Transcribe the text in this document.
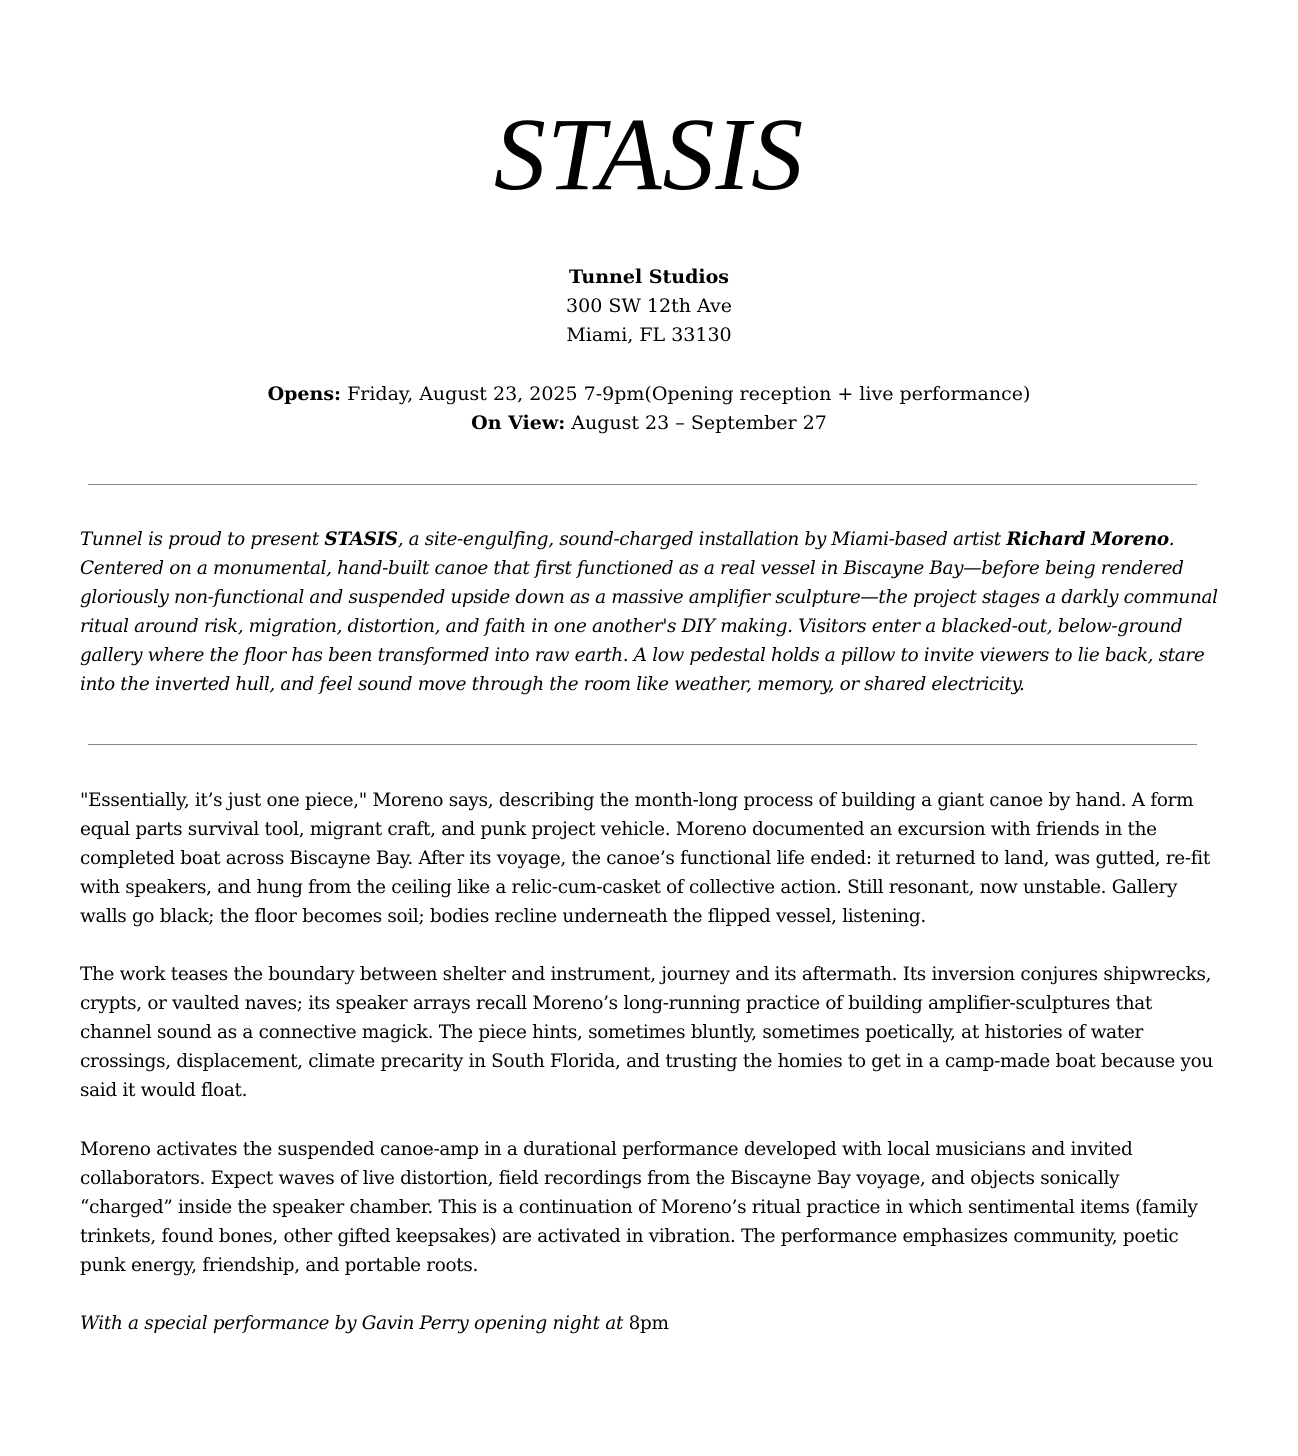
STASIS
Tunnel Studios
300 SW 12th Ave
Miami, FL 33130
Opens: Friday, August 23, 2025 7-9pm(Opening reception + live performance)
On View: August 23 – September 27

Tunnel is proud to present STASIS, a site-engulfing, sound-charged installation by Miami-based artist Richard Moreno. Centered on a monumental, hand-built canoe that first functioned as a real vessel in Biscayne Bay—before being rendered gloriously non-functional and suspended upside down as a massive amplifier sculpture—the project stages a darkly communal ritual around risk, migration, distortion, and faith in one another's DIY making. Visitors enter a blacked-out, below-ground gallery where the floor has been transformed into raw earth. A low pedestal holds a pillow to invite viewers to lie back, stare into the inverted hull, and feel sound move through the room like weather, memory, or shared electricity.

"Essentially, it’s just one piece," Moreno says, describing the month-long process of building a giant canoe by hand. A form equal parts survival tool, migrant craft, and punk project vehicle. Moreno documented an excursion with friends in the completed boat across Biscayne Bay. After its voyage, the canoe’s functional life ended: it returned to land, was gutted, re-fit with speakers, and hung from the ceiling like a relic-cum-casket of collective action. Still resonant, now unstable. Gallery walls go black; the floor becomes soil; bodies recline underneath the flipped vessel, listening.

The work teases the boundary between shelter and instrument, journey and its aftermath. Its inversion conjures shipwrecks, crypts, or vaulted naves; its speaker arrays recall Moreno’s long-running practice of building amplifier-sculptures that channel sound as a connective magick. The piece hints, sometimes bluntly, sometimes poetically, at histories of water crossings, displacement, climate precarity in South Florida, and trusting the homies to get in a camp-made boat because you said it would float.

Moreno activates the suspended canoe-amp in a durational performance developed with local musicians and invited collaborators. Expect waves of live distortion, field recordings from the Biscayne Bay voyage, and objects sonically “charged” inside the speaker chamber. This is a continuation of Moreno’s ritual practice in which sentimental items (family trinkets, found bones, other gifted keepsakes) are activated in vibration. The performance emphasizes community, poetic punk energy, friendship, and portable roots.

With a special performance by Gavin Perry opening night at 8pm
